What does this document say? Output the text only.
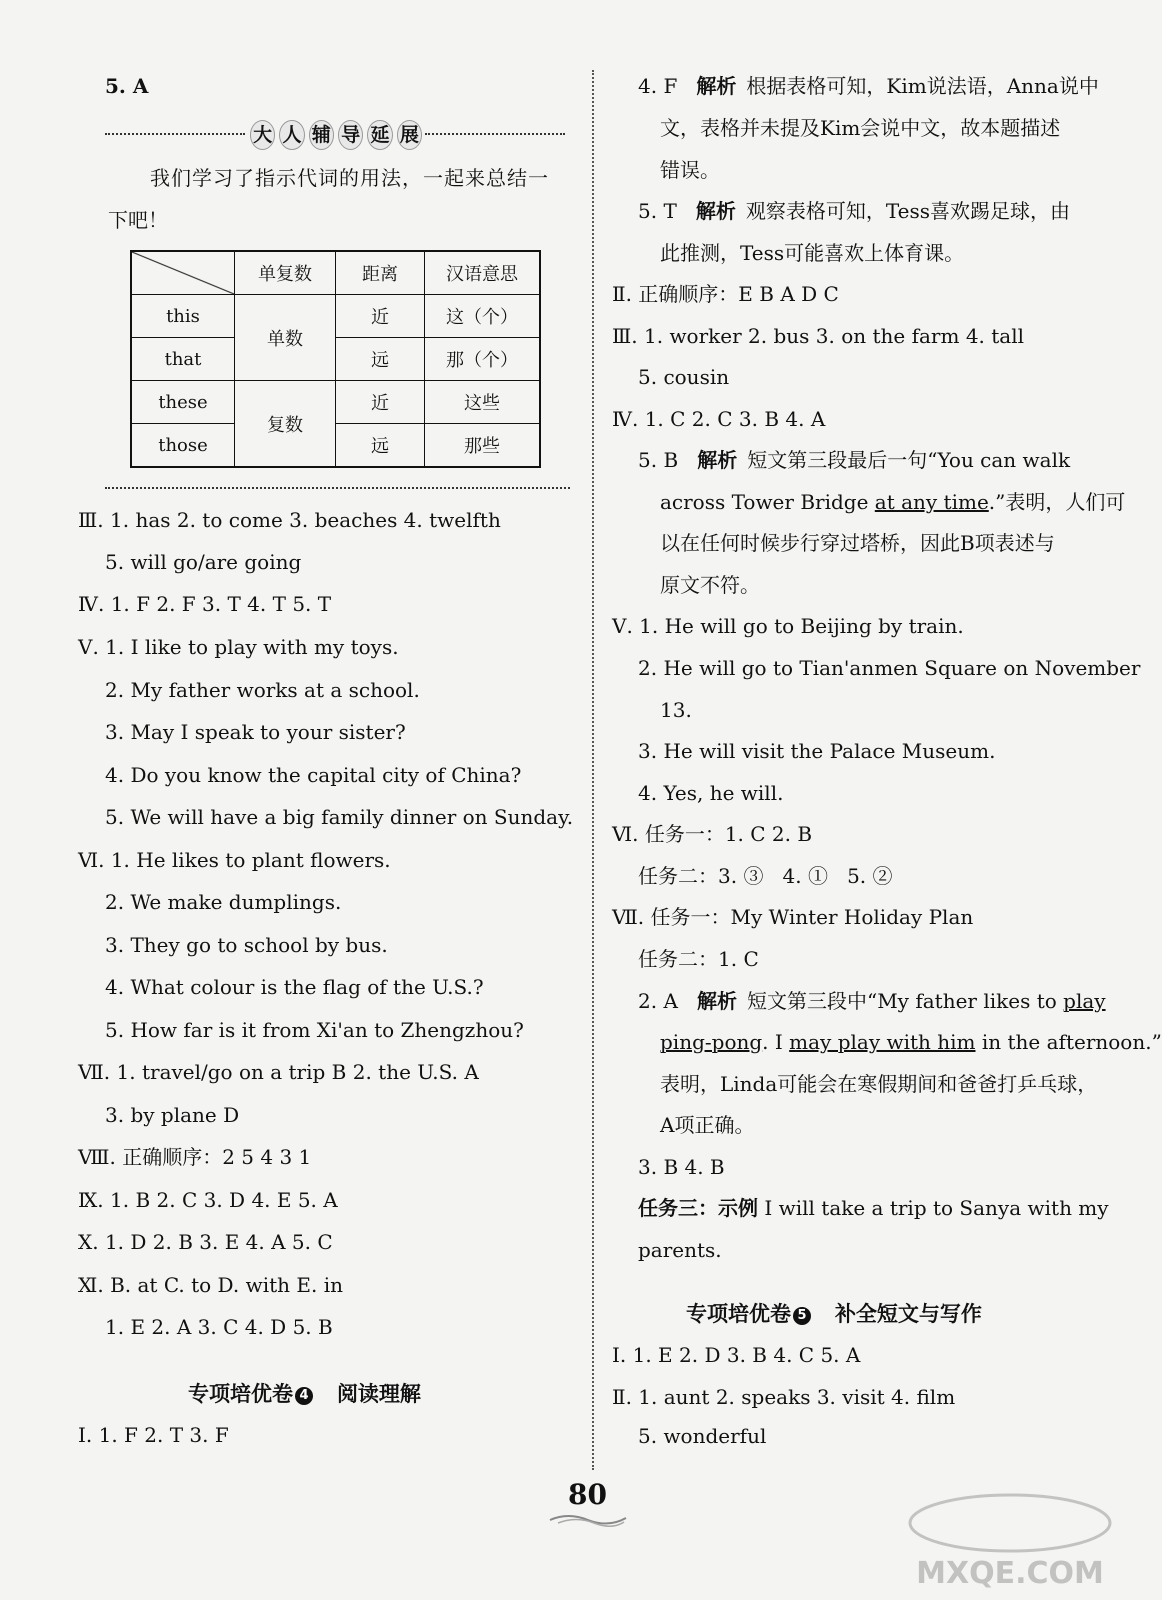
5. A
大 人 辅 导 延 展
我们学习了指示代词的用法，一起来总结一
下吧！
	单复数	距离	汉语意思
this	单数	近	这（个）
that		远	那（个）
these	复数	近	这些
those		远	那些
Ⅲ. 1. has 2. to come 3. beaches 4. twelfth
5. will go/are going
Ⅳ. 1. F 2. F 3. T 4. T 5. T
Ⅴ. 1. I like to play with my toys.
2. My father works at a school.
3. May I speak to your sister?
4. Do you know the capital city of China?
5. We will have a big family dinner on Sunday.
Ⅵ. 1. He likes to plant flowers.
2. We make dumplings.
3. They go to school by bus.
4. What colour is the flag of the U.S.?
5. How far is it from Xi'an to Zhengzhou?
Ⅶ. 1. travel/go on a trip B 2. the U.S. A
3. by plane D
Ⅷ. 正确顺序：2 5 4 3 1
Ⅸ. 1. B 2. C 3. D 4. E 5. A
Ⅹ. 1. D 2. B 3. E 4. A 5. C
Ⅺ. B. at C. to D. with E. in
1. E 2. A 3. C 4. D 5. B
专项培优卷 4 阅读理解
Ⅰ. 1. F 2. T 3. F
4. F 解析 根据表格可知，Kim说法语，Anna说中
文，表格并未提及Kim会说中文，故本题描述
错误。
5. T 解析 观察表格可知，Tess喜欢踢足球，由
此推测，Tess可能喜欢上体育课。
Ⅱ. 正确顺序：E B A D C
Ⅲ. 1. worker 2. bus 3. on the farm 4. tall
5. cousin
Ⅳ. 1. C 2. C 3. B 4. A
5. B 解析 短文第三段最后一句“You can walk
across Tower Bridge at any time.”表明，人们可
以在任何时候步行穿过塔桥，因此B项表述与
原文不符。
Ⅴ. 1. He will go to Beijing by train.
2. He will go to Tian'anmen Square on November
13.
3. He will visit the Palace Museum.
4. Yes, he will.
Ⅵ. 任务一：1. C 2. B
任务二：3. ③ 4. ① 5. ②
Ⅶ. 任务一：My Winter Holiday Plan
任务二：1. C
2. A 解析 短文第三段中“My father likes to play
ping-pong. I may play with him in the afternoon.”
表明，Linda可能会在寒假期间和爸爸打乒乓球，
A项正确。
3. B 4. B
任务三：示例 I will take a trip to Sanya with my
parents.
专项培优卷 5 补全短文与写作
Ⅰ. 1. E 2. D 3. B 4. C 5. A
Ⅱ. 1. aunt 2. speaks 3. visit 4. film
5. wonderful
80
MXQE.COM
